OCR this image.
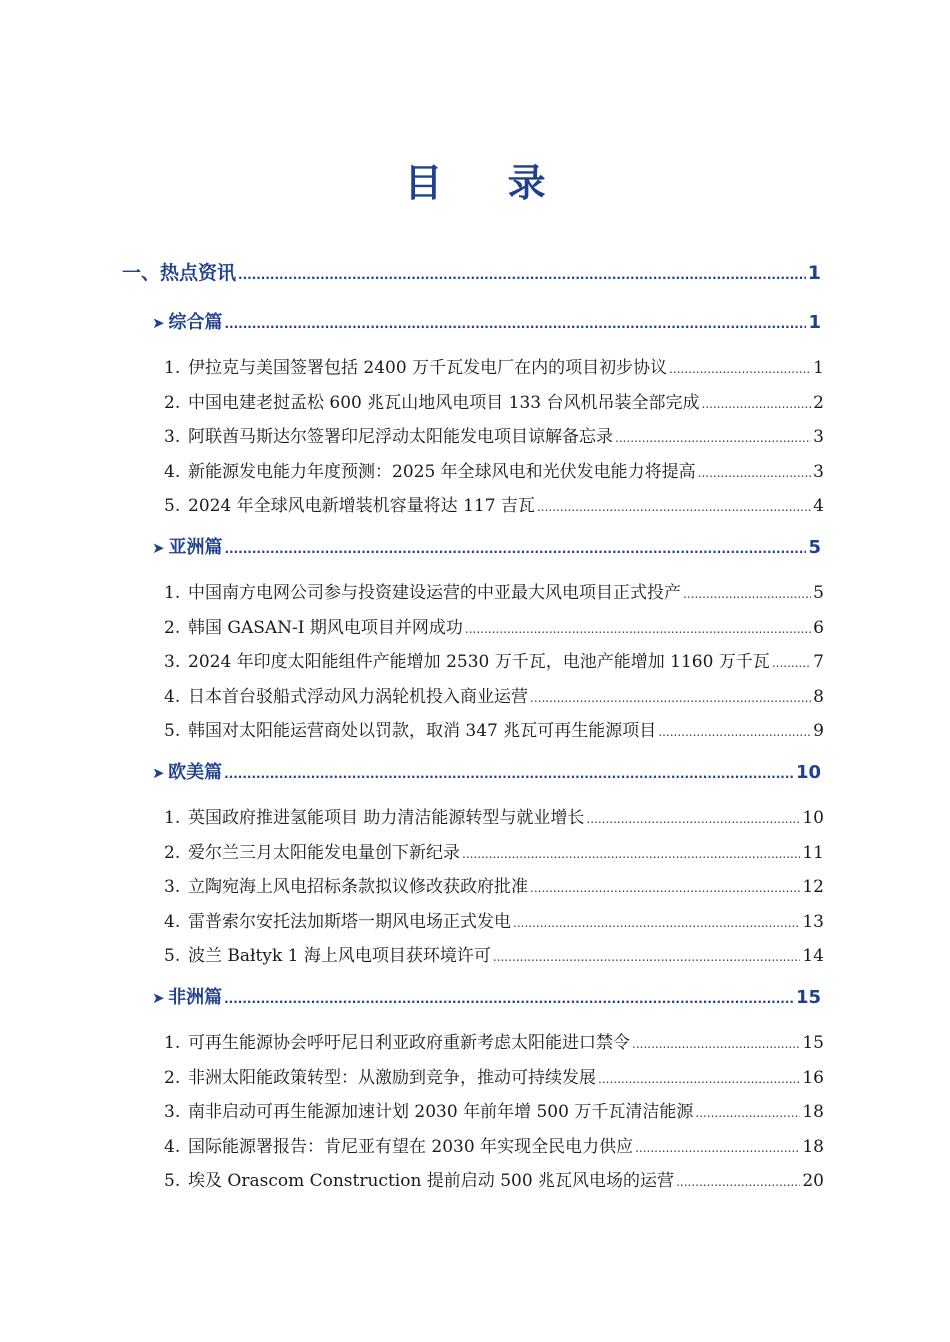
目 录
一、热点资讯 .....	1
➤ 综合篇 .....	1
1. 伊拉克与美国签署包括 2400 万千瓦发电厂在内的项目初步协议 .....	1
2. 中国电建老挝孟松 600 兆瓦山地风电项目 133 台风机吊装全部完成 .....	2
3. 阿联酋马斯达尔签署印尼浮动太阳能发电项目谅解备忘录 .....	3
4. 新能源发电能力年度预测：2025 年全球风电和光伏发电能力将提高 .....	3
5. 2024 年全球风电新增装机容量将达 117 吉瓦 .....	4
➤ 亚洲篇 .....	5
1. 中国南方电网公司参与投资建设运营的中亚最大风电项目正式投产 .....	5
2. 韩国 GASAN-I 期风电项目并网成功 .....	6
3. 2024 年印度太阳能组件产能增加 2530 万千瓦，电池产能增加 1160 万千瓦 .....	7
4. 日本首台驳船式浮动风力涡轮机投入商业运营 .....	8
5. 韩国对太阳能运营商处以罚款，取消 347 兆瓦可再生能源项目 .....	9
➤ 欧美篇 .....	10
1. 英国政府推进氢能项目 助力清洁能源转型与就业增长 .....	10
2. 爱尔兰三月太阳能发电量创下新纪录 .....	11
3. 立陶宛海上风电招标条款拟议修改获政府批准 .....	12
4. 雷普索尔安托法加斯塔一期风电场正式发电 .....	13
5. 波兰 Bałtyk 1 海上风电项目获环境许可 .....	14
➤ 非洲篇 .....	15
1. 可再生能源协会呼吁尼日利亚政府重新考虑太阳能进口禁令 .....	15
2. 非洲太阳能政策转型：从激励到竞争，推动可持续发展 .....	16
3. 南非启动可再生能源加速计划 2030 年前年增 500 万千瓦清洁能源 .....	18
4. 国际能源署报告：肯尼亚有望在 2030 年实现全民电力供应 .....	18
5. 埃及 Orascom Construction 提前启动 500 兆瓦风电场的运营 .....	20
